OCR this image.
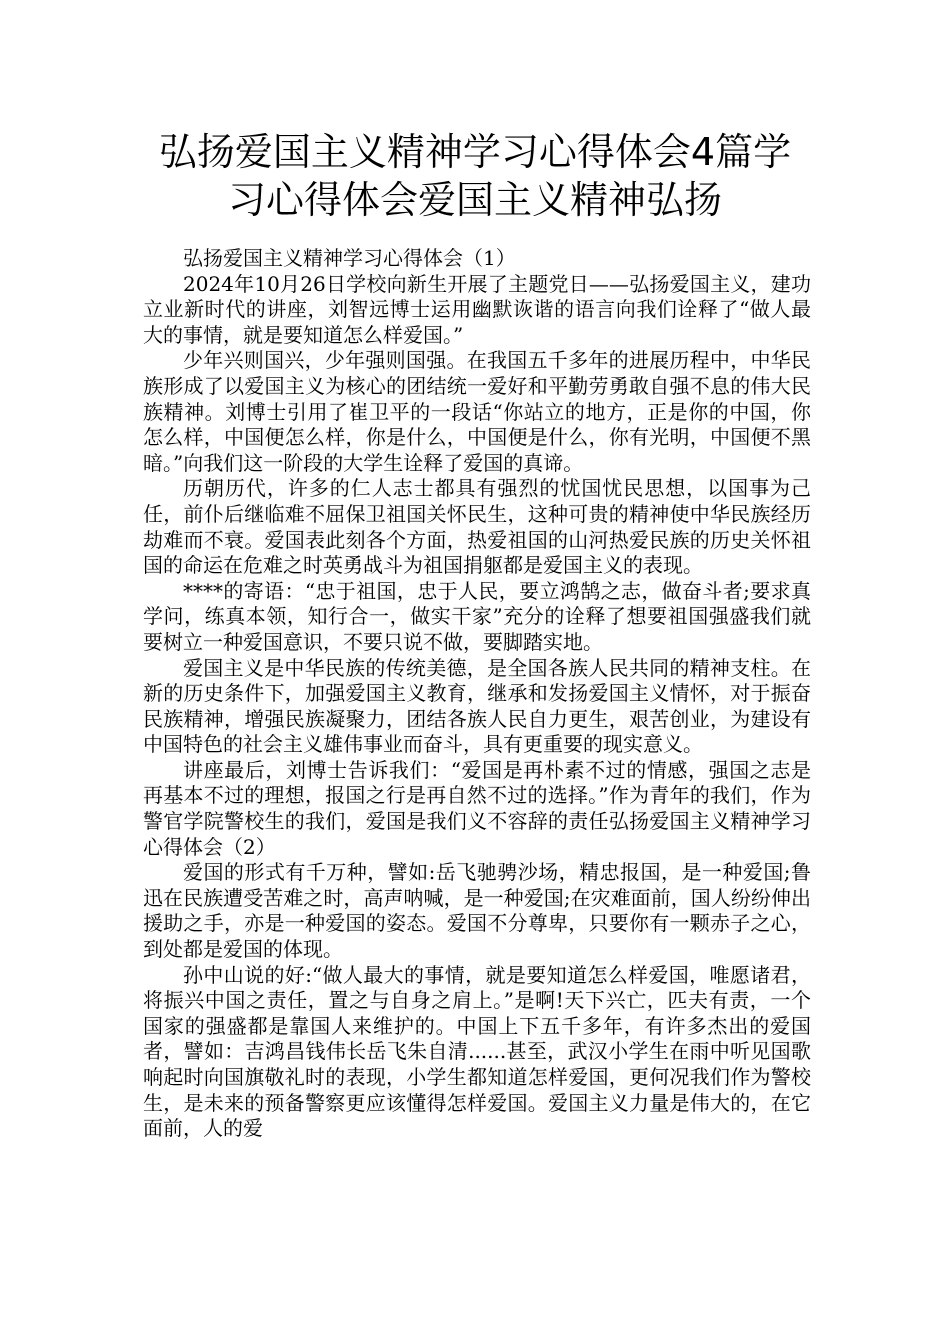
弘扬爱国主义精神学习心得体会4篇学
习心得体会爱国主义精神弘扬

弘扬爱国主义精神学习心得体会（1）

2024年10月26日学校向新生开展了主题党日——弘扬爱国主义，建功立业新时代的讲座，刘智远博士运用幽默诙谐的语言向我们诠释了“做人最大的事情，就是要知道怎么样爱国。”

少年兴则国兴，少年强则国强。在我国五千多年的进展历程中，中华民族形成了以爱国主义为核心的团结统一爱好和平勤劳勇敢自强不息的伟大民族精神。刘博士引用了崔卫平的一段话“你站立的地方，正是你的中国，你怎么样，中国便怎么样，你是什么，中国便是什么，你有光明，中国便不黑暗。”向我们这一阶段的大学生诠释了爱国的真谛。

历朝历代，许多的仁人志士都具有强烈的忧国忧民思想，以国事为己任，前仆后继临难不屈保卫祖国关怀民生，这种可贵的精神使中华民族经历劫难而不衰。爱国表此刻各个方面，热爱祖国的山河热爱民族的历史关怀祖国的命运在危难之时英勇战斗为祖国捐躯都是爱国主义的表现。

****的寄语：“忠于祖国，忠于人民，要立鸿鹄之志，做奋斗者;要求真学问，练真本领，知行合一，做实干家”充分的诠释了想要祖国强盛我们就要树立一种爱国意识，不要只说不做，要脚踏实地。

爱国主义是中华民族的传统美德，是全国各族人民共同的精神支柱。在新的历史条件下，加强爱国主义教育，继承和发扬爱国主义情怀，对于振奋民族精神，增强民族凝聚力，团结各族人民自力更生，艰苦创业，为建设有中国特色的社会主义雄伟事业而奋斗，具有更重要的现实意义。

讲座最后，刘博士告诉我们：“爱国是再朴素不过的情感，强国之志是再基本不过的理想，报国之行是再自然不过的选择。”作为青年的我们，作为警官学院警校生的我们，爱国是我们义不容辞的责任弘扬爱国主义精神学习心得体会（2）

爱国的形式有千万种，譬如:岳飞驰骋沙场，精忠报国，是一种爱国;鲁迅在民族遭受苦难之时，高声呐喊，是一种爱国;在灾难面前，国人纷纷伸出援助之手，亦是一种爱国的姿态。爱国不分尊卑，只要你有一颗赤子之心，到处都是爱国的体现。

孙中山说的好:“做人最大的事情，就是要知道怎么样爱国，唯愿诸君，将振兴中国之责任，置之与自身之肩上。”是啊!天下兴亡，匹夫有责，一个国家的强盛都是靠国人来维护的。中国上下五千多年，有许多杰出的爱国者，譬如：吉鸿昌钱伟长岳飞朱自清......甚至，武汉小学生在雨中听见国歌响起时向国旗敬礼时的表现，小学生都知道怎样爱国，更何况我们作为警校生，是未来的预备警察更应该懂得怎样爱国。爱国主义力量是伟大的，在它面前，人的爱
